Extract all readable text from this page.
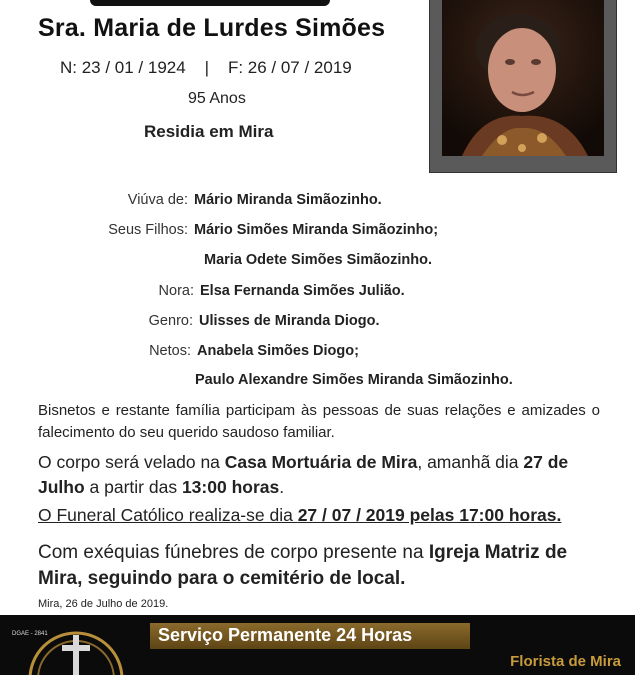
Sra. Maria de Lurdes Simões
N: 23 / 01 / 1924 | F: 26 / 07 / 2019
95 Anos
Residia em Mira
Viúva de: Mário Miranda Simãozinho.
Seus Filhos: Mário Simões Miranda Simãozinho;
Maria Odete Simões Simãozinho.
Nora: Elsa Fernanda Simões Julião.
Genro: Ulisses de Miranda Diogo.
Netos: Anabela Simões Diogo;
Paulo Alexandre Simões Miranda Simãozinho.
Bisnetos e restante família participam às pessoas de suas relações e amizades o falecimento do seu querido saudoso familiar.
O corpo será velado na Casa Mortuária de Mira, amanhã dia 27 de Julho a partir das 13:00 horas.
O Funeral Católico realiza-se dia 27 / 07 / 2019 pelas 17:00 horas.
Com exéquias fúnebres de corpo presente na Igreja Matriz de Mira, seguindo para o cemitério de local.
Mira, 26 de Julho de 2019.
DGAE - 2841	Serviço Permanente 24 Horas
Florista de Mira
